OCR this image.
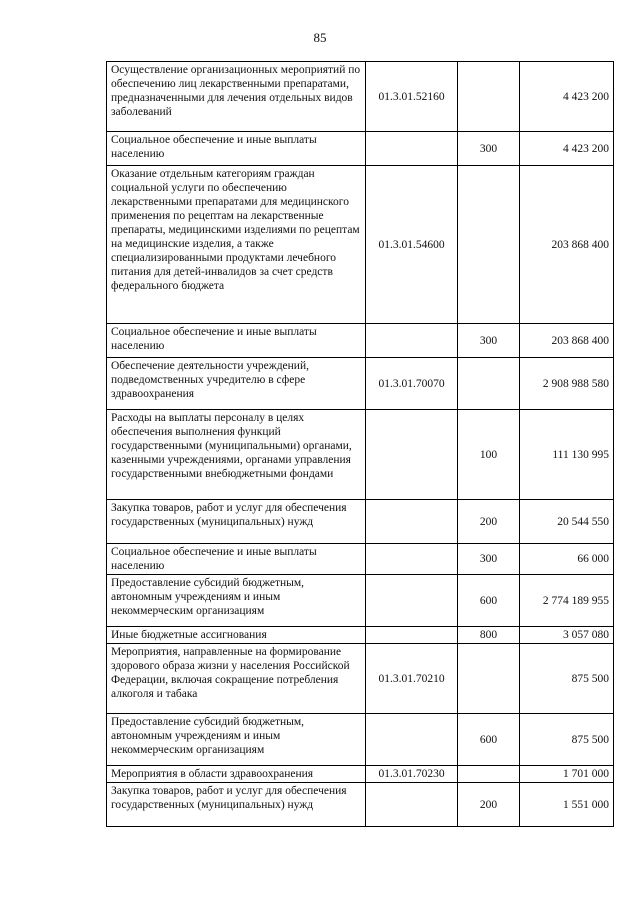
85
Осуществление организационных мероприятий по обеспечению лиц лекарственными препаратами, предназначенными для лечения отдельных видов заболеваний	01.3.01.52160		4 423 200
Социальное обеспечение и иные выплаты населению		300	4 423 200
Оказание отдельным категориям граждан социальной услуги по обеспечению лекарственными препаратами для медицинского применения по рецептам на лекарственные препараты, медицинскими изделиями по рецептам на медицинские изделия, а также специализированными продуктами лечебного питания для детей-инвалидов за счет средств федерального бюджета	01.3.01.54600		203 868 400
Социальное обеспечение и иные выплаты населению		300	203 868 400
Обеспечение деятельности учреждений, подведомственных учредителю в сфере здравоохранения	01.3.01.70070		2 908 988 580
Расходы на выплаты персоналу в целях обеспечения выполнения функций государственными (муниципальными) органами, казенными учреждениями, органами управления государственными внебюджетными фондами		100	111 130 995
Закупка товаров, работ и услуг для обеспечения государственных (муниципальных) нужд		200	20 544 550
Социальное обеспечение и иные выплаты населению		300	66 000
Предоставление субсидий бюджетным, автономным учреждениям и иным некоммерческим организациям		600	2 774 189 955
Иные бюджетные ассигнования		800	3 057 080
Мероприятия, направленные на формирование здорового образа жизни у населения Российской Федерации, включая сокращение потребления алкоголя и табака	01.3.01.70210		875 500
Предоставление субсидий бюджетным, автономным учреждениям и иным некоммерческим организациям		600	875 500
Мероприятия в области здравоохранения	01.3.01.70230		1 701 000
Закупка товаров, работ и услуг для обеспечения государственных (муниципальных) нужд		200	1 551 000
